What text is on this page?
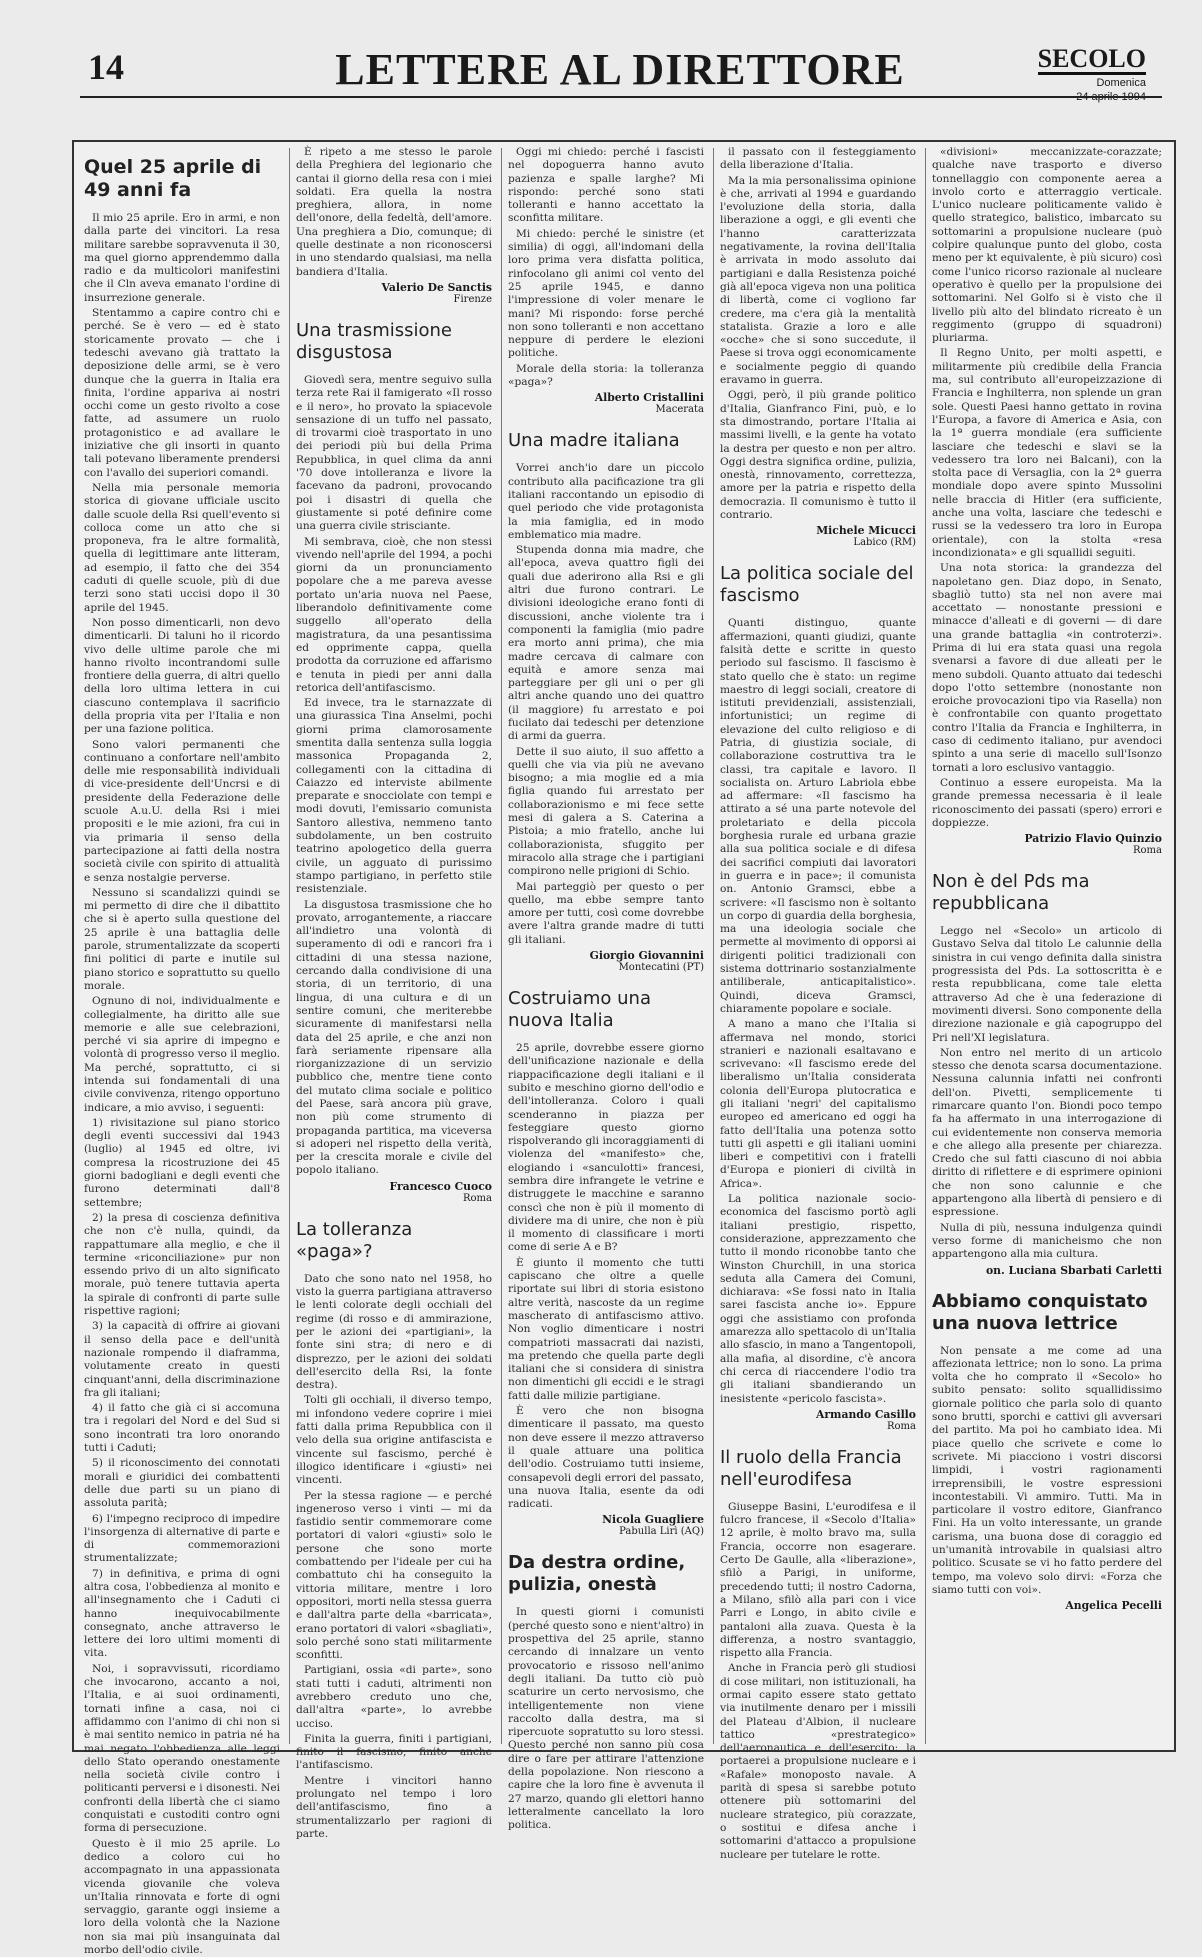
14	LETTERE AL DIRETTORE	SECOLO
Domenica
Quel 25 aprile di 49 anni fa

Il mio 25 aprile. Ero in armi, e non dalla parte dei vincitori. La resa militare sarebbe sopravvenuta il 30, ma quel giorno apprendemmo dalla radio e da multicolori manifestini che il Cln aveva emanato l'ordine di insurrezione generale.

Stentammo a capire contro chi e perché. Se è vero — ed è stato storicamente provato — che i tedeschi avevano già trattato la deposizione delle armi, se è vero dunque che la guerra in Italia era finita, l'ordine appariva ai nostri occhi come un gesto rivolto a cose fatte, ad assumere un ruolo protagonistico e ad avallare le iniziative che gli insorti in quanto tali potevano liberamente prendersi con l'avallo dei superiori comandi.

Nella mia personale memoria storica di giovane ufficiale uscito dalle scuole della Rsi quell'evento si colloca come un atto che si proponeva, fra le altre formalità, quella di legittimare ante litteram, ad esempio, il fatto che dei 354 caduti di quelle scuole, più di due terzi sono stati uccisi dopo il 30 aprile del 1945.

Non posso dimenticarli, non devo dimenticarli. Di taluni ho il ricordo vivo delle ultime parole che mi hanno rivolto incontrandomi sulle frontiere della guerra, di altri quello della loro ultima lettera in cui ciascuno contemplava il sacrificio della propria vita per l'Italia e non per una fazione politica.

Sono valori permanenti che continuano a confortare nell'ambito delle mie responsabilità individuali di vice-presidente dell'Uncrsi e di presidente della Federazione delle scuole A.u.U. della Rsi i miei propositi e le mie azioni, fra cui in via primaria il senso della partecipazione ai fatti della nostra società civile con spirito di attualità e senza nostalgie perverse.

Nessuno si scandalizzi quindi se mi permetto di dire che il dibattito che si è aperto sulla questione del 25 aprile è una battaglia delle parole, strumentalizzate da scoperti fini politici di parte e inutile sul piano storico e soprattutto su quello morale.

Ognuno di noi, individualmente e collegialmente, ha diritto alle sue memorie e alle sue celebrazioni, perché vi sia aprire di impegno e volontà di progresso verso il meglio. Ma perché, soprattutto, ci si intenda sui fondamentali di una civile convivenza, ritengo opportuno indicare, a mio avviso, i seguenti:

1) rivisitazione sul piano storico degli eventi successivi dal 1943 (luglio) al 1945 ed oltre, ivi compresa la ricostruzione dei 45 giorni badogliani e degli eventi che furono determinati dall'8 settembre;

2) la presa di coscienza definitiva che non c'è nulla, quindi, da rappattumare alla meglio, e che il termine «riconciliazione» pur non essendo privo di un alto significato morale, può tenere tuttavia aperta la spirale di confronti di parte sulle rispettive ragioni;

3) la capacità di offrire ai giovani il senso della pace e dell'unità nazionale rompendo il diaframma, volutamente creato in questi cinquant'anni, della discriminazione fra gli italiani;

4) il fatto che già ci si accomuna tra i regolari del Nord e del Sud si sono incontrati tra loro onorando tutti i Caduti;

5) il riconoscimento dei connotati morali e giuridici dei combattenti delle due parti su un piano di assoluta parità;

6) l'impegno reciproco di impedire l'insorgenza di alternative di parte e di commemorazioni strumentalizzate;

7) in definitiva, e prima di ogni altra cosa, l'obbedienza al monito e all'insegnamento che i Caduti ci hanno inequivocabilmente consegnato, anche attraverso le lettere dei loro ultimi momenti di vita.

Noi, i sopravvissuti, ricordiamo che invocarono, accanto a noi, l'Italia, e ai suoi ordinamenti, tornati infine a casa, noi ci affidammo con l'animo di chi non si è mai sentito nemico in patria né ha mai negato l'obbedienza alle leggi dello Stato operando onestamente nella società civile contro i politicanti perversi e i disonesti. Nei confronti della libertà che ci siamo conquistati e custoditi contro ogni forma di persecuzione.

Questo è il mio 25 aprile. Lo dedico a coloro cui ho accompagnato in una appassionata vicenda giovanile che voleva un'Italia rinnovata e forte di ogni servaggio, garante oggi insieme a loro della volontà che la Nazione non sia mai più insanguinata dal morbo dell'odio civile.

È ripeto a me stesso le parole della Preghiera del legionario che cantai il giorno della resa con i miei soldati. Era quella la nostra preghiera, allora, in nome dell'onore, della fedeltà, dell'amore. Una preghiera a Dio, comunque; di quelle destinate a non riconoscersi in uno stendardo qualsiasi, ma nella bandiera d'Italia.

Valerio De Sanctis
Firenze
Una trasmissione disgustosa

Giovedì sera, mentre seguivo sulla terza rete Rai il famigerato «Il rosso e il nero», ho provato la spiacevole sensazione di un tuffo nel passato, di trovarmi cioè trasportato in uno dei periodi più bui della Prima Repubblica, in quel clima da anni '70 dove intolleranza e livore la facevano da padroni, provocando poi i disastri di quella che giustamente si poté definire come una guerra civile strisciante.

Mi sembrava, cioè, che non stessi vivendo nell'aprile del 1994, a pochi giorni da un pronunciamento popolare che a me pareva avesse portato un'aria nuova nel Paese, liberandolo definitivamente come suggello all'operato della magistratura, da una pesantissima ed opprimente cappa, quella prodotta da corruzione ed affarismo e tenuta in piedi per anni dalla retorica dell'antifascismo.

Ed invece, tra le starnazzate di una giurassica Tina Anselmi, pochi giorni prima clamorosamente smentita dalla sentenza sulla loggia massonica Propaganda 2, collegamenti con la cittadina di Caiazzo ed interviste abilmente preparate e snocciolate con tempi e modi dovuti, l'emissario comunista Santoro allestiva, nemmeno tanto subdolamente, un ben costruito teatrino apologetico della guerra civile, un agguato di purissimo stampo partigiano, in perfetto stile resistenziale.

La disgustosa trasmissione che ho provato, arrogantemente, a riaccare all'indietro una volontà di superamento di odi e rancori fra i cittadini di una stessa nazione, cercando dalla condivisione di una storia, di un territorio, di una lingua, di una cultura e di un sentire comuni, che meriterebbe sicuramente di manifestarsi nella data del 25 aprile, e che anzi non farà seriamente ripensare alla riorganizzazione di un servizio pubblico che, mentre tiene conto del mutato clima sociale e politico del Paese, sarà ancora più grave, non più come strumento di propaganda partitica, ma viceversa si adoperi nel rispetto della verità, per la crescita morale e civile del popolo italiano.

Francesco Cuoco
Roma
La tolleranza «paga»?

Dato che sono nato nel 1958, ho visto la guerra partigiana attraverso le lenti colorate degli occhiali del regime (di rosso e di ammirazione, per le azioni dei «partigiani», la fonte sini stra; di nero e di disprezzo, per le azioni dei soldati dell'esercito della Rsi, la fonte destra).

Tolti gli occhiali, il diverso tempo, mi infondono vedere coprire i miei fatti dalla prima Repubblica con il velo della sua origine antifascista e vincente sul fascismo, perché è illogico identificare i «giusti» nei vincenti.

Per la stessa ragione — e perché ingeneroso verso i vinti — mi da fastidio sentir commemorare come portatori di valori «giusti» solo le persone che sono morte combattendo per l'ideale per cui ha combattuto chi ha conseguito la vittoria militare, mentre i loro oppositori, morti nella stessa guerra e dall'altra parte della «barricata», erano portatori di valori «sbagliati», solo perché sono stati militarmente sconfitti.

Partigiani, ossia «di parte», sono stati tutti i caduti, altrimenti non avrebbero creduto uno che, dall'altra «parte», lo avrebbe ucciso.

Finita la guerra, finiti i partigiani, finito il fascismo, finito anche l'antifascismo.

Mentre i vincitori hanno prolungato nel tempo i loro dell'antifascismo, fino a strumentalizzarlo per ragioni di parte.

Oggi mi chiedo: perché i fascisti nel dopoguerra hanno avuto pazienza e spalle larghe? Mi rispondo: perché sono stati tolleranti e hanno accettato la sconfitta militare.

Mi chiedo: perché le sinistre (et similia) di oggi, all'indomani della loro prima vera disfatta politica, rinfocolano gli animi col vento del 25 aprile 1945, e danno l'impressione di voler menare le mani? Mi rispondo: forse perché non sono tolleranti e non accettano neppure di perdere le elezioni politiche.

Morale della storia: la tolleranza «paga»?

Alberto Cristallini
Macerata
Una madre italiana

Vorrei anch'io dare un piccolo contributo alla pacificazione tra gli italiani raccontando un episodio di quel periodo che vide protagonista la mia famiglia, ed in modo emblematico mia madre.

Stupenda donna mia madre, che all'epoca, aveva quattro figli dei quali due aderirono alla Rsi e gli altri due furono contrari. Le divisioni ideologiche erano fonti di discussioni, anche violente tra i componenti la famiglia (mio padre era morto anni prima), che mia madre cercava di calmare con equità e amore senza mai parteggiare per gli uni o per gli altri anche quando uno dei quattro (il maggiore) fu arrestato e poi fucilato dai tedeschi per detenzione di armi da guerra.

Dette il suo aiuto, il suo affetto a quelli che via via più ne avevano bisogno; a mia moglie ed a mia figlia quando fui arrestato per collaborazionismo e mi fece sette mesi di galera a S. Caterina a Pistoia; a mio fratello, anche lui collaborazionista, sfuggito per miracolo alla strage che i partigiani compirono nelle prigioni di Schio.

Mai parteggiò per questo o per quello, ma ebbe sempre tanto amore per tutti, così come dovrebbe avere l'altra grande madre di tutti gli italiani.

Giorgio Giovannini
Montecatini (PT)
Costruiamo una nuova Italia

25 aprile, dovrebbe essere giorno dell'unificazione nazionale e della riappacificazione degli italiani e il subito e meschino giorno dell'odio e dell'intolleranza. Coloro i quali scenderanno in piazza per festeggiare questo giorno rispolverando gli incoraggiamenti di violenza del «manifesto» che, elogiando i «sanculotti» francesi, sembra dire infrangete le vetrine e distruggete le macchine e saranno conscì che non è più il momento di dividere ma di unire, che non è più il momento di classificare i morti come di serie A e B?

È giunto il momento che tutti capiscano che oltre a quelle riportate sui libri di storia esistono altre verità, nascoste da un regime mascherato di antifascismo attivo. Non voglio dimenticare i nostri compatrioti massacrati dai nazisti, ma pretendo che quella parte degli italiani che si considera di sinistra non dimentichi gli eccidi e le stragi fatti dalle milizie partigiane.

È vero che non bisogna dimenticare il passato, ma questo non deve essere il mezzo attraverso il quale attuare una politica dell'odio. Costruiamo tutti insieme, consapevoli degli errori del passato, una nuova Italia, esente da odi radicati.

Nicola Guagliere
Pabulla Lirì (AQ)
Da destra ordine, pulizia, onestà

In questi giorni i comunisti (perché questo sono e nient'altro) in prospettiva del 25 aprile, stanno cercando di innalzare un vento provocatorio e rissoso nell'animo degli italiani. Da tutto ciò può scaturire un certo nervosismo, che intelligentemente non viene raccolto dalla destra, ma si ripercuote sopratutto su loro stessi. Questo perché non sanno più cosa dire o fare per attirare l'attenzione della popolazione. Non riescono a capire che la loro fine è avvenuta il 27 marzo, quando gli elettori hanno letteralmente cancellato la loro politica.

il passato con il festeggiamento della liberazione d'Italia.

Ma la mia personalissima opinione è che, arrivati al 1994 e guardando l'evoluzione della storia, dalla liberazione a oggi, e gli eventi che l'hanno caratterizzata negativamente, la rovina dell'Italia è arrivata in modo assoluto dai partigiani e dalla Resistenza poiché già all'epoca vigeva non una politica di libertà, come ci vogliono far credere, ma c'era già la mentalità statalista. Grazie a loro e alle «ocche» che si sono succedute, il Paese si trova oggi economicamente e socialmente peggio di quando eravamo in guerra.

Oggi, però, il più grande politico d'Italia, Gianfranco Fini, può, e lo sta dimostrando, portare l'Italia ai massimi livelli, e la gente ha votato la destra per questo e non per altro. Oggi destra significa ordine, pulizia, onestà, rinnovamento, correttezza, amore per la patria e rispetto della democrazia. Il comunismo è tutto il contrario.

Michele Micucci
Labico (RM)
La politica sociale del fascismo

Quanti distinguo, quante affermazioni, quanti giudizi, quante falsità dette e scritte in questo periodo sul fascismo. Il fascismo è stato quello che è stato: un regime maestro di leggi sociali, creatore di istituti previdenziali, assistenziali, infortunistici; un regime di elevazione del culto religioso e di Patria, di giustizia sociale, di collaborazione costruttiva tra le classi, tra capitale e lavoro. Il socialista on. Arturo Labriola ebbe ad affermare: «Il fascismo ha attirato a sé una parte notevole del proletariato e della piccola borghesia rurale ed urbana grazie alla sua politica sociale e di difesa dei sacrifici compiuti dai lavoratori in guerra e in pace»; il comunista on. Antonio Gramsci, ebbe a scrivere: «Il fascismo non è soltanto un corpo di guardia della borghesia, ma una ideologia sociale che permette al movimento di opporsi ai dirigenti politici tradizionali con sistema dottrinario sostanzialmente antiliberale, anticapitalistico». Quindi, diceva Gramsci, chiaramente popolare e sociale.

A mano a mano che l'Italia si affermava nel mondo, storici stranieri e nazionali esaltavano e scrivevano: «Il fascismo erede del liberalismo un'Italia considerata colonia dell'Europa plutocratica e gli italiani 'negri' del capitalismo europeo ed americano ed oggi ha fatto dell'Italia una potenza sotto tutti gli aspetti e gli italiani uomini liberi e competitivi con i fratelli d'Europa e pionieri di civiltà in Africa».

La politica nazionale socio-economica del fascismo portò agli italiani prestigio, rispetto, considerazione, apprezzamento che tutto il mondo riconobbe tanto che Winston Churchill, in una storica seduta alla Camera dei Comuni, dichiarava: «Se fossi nato in Italia sarei fascista anche io». Eppure oggi che assistiamo con profonda amarezza allo spettacolo di un'Italia allo sfascio, in mano a Tangentopoli, alla mafia, al disordine, c'è ancora chi cerca di riaccendere l'odio tra gli italiani sbandierando un inesistente «pericolo fascista».

Armando Casillo
Roma
Il ruolo della Francia nell'eurodifesa

Giuseppe Basini, L'eurodifesa e il fulcro francese, il «Secolo d'Italia» 12 aprile, è molto bravo ma, sulla Francia, occorre non esagerare. Certo De Gaulle, alla «liberazione», sfilò a Parigi, in uniforme, precedendo tutti; il nostro Cadorna, a Milano, sfilò alla pari con i vice Parri e Longo, in abito civile e pantaloni alla zuava. Questa è la differenza, a nostro svantaggio, rispetto alla Francia.

Anche in Francia però gli studiosi di cose militari, non istituzionali, ha ormai capito essere stato gettato via inutilmente denaro per i missili del Plateau d'Albion, il nucleare tattico «prestrategico» dell'aeronautica e dell'esercito: la portaerei a propulsione nucleare e i «Rafale» monoposto navale. A parità di spesa si sarebbe potuto ottenere più sottomarini del nucleare strategico, più corazzate, o sostitui e difesa anche i sottomarini d'attacco a propulsione nucleare per tutelare le rotte.

«divisioni» meccanizzate-corazzate; qualche nave trasporto e diverso tonnellaggio con componente aerea a involo corto e atterraggio verticale. L'unico nucleare politicamente valido è quello strategico, balistico, imbarcato su sottomarini a propulsione nucleare (può colpire qualunque punto del globo, costa meno per kt equivalente, è più sicuro) così come l'unico ricorso razionale al nucleare operativo è quello per la propulsione dei sottomarini. Nel Golfo si è visto che il livello più alto del blindato ricreato è un reggimento (gruppo di squadroni) pluriarma.

Il Regno Unito, per molti aspetti, e militarmente più credibile della Francia ma, sul contributo all'europeizzazione di Francia e Inghilterra, non splende un gran sole. Questi Paesi hanno gettato in rovina l'Europa, a favore di America e Asia, con la 1ª guerra mondiale (era sufficiente lasciare che tedeschi e slavi se la vedessero tra loro nei Balcani), con la stolta pace di Versaglia, con la 2ª guerra mondiale dopo avere spinto Mussolini nelle braccia di Hitler (era sufficiente, anche una volta, lasciare che tedeschi e russi se la vedessero tra loro in Europa orientale), con la stolta «resa incondizionata» e gli squallidi seguiti.

Una nota storica: la grandezza del napoletano gen. Diaz dopo, in Senato, sbagliò tutto) sta nel non avere mai accettato — nonostante pressioni e minacce d'alleati e di governi — di dare una grande battaglia «in controterzi». Prima di lui era stata quasi una regola svenarsi a favore di due alleati per le meno subdoli. Quanto attuato dai tedeschi dopo l'otto settembre (nonostante non eroiche provocazioni tipo via Rasella) non è confrontabile con quanto progettato contro l'Italia da Francia e Inghilterra, in caso di cedimento italiano, pur avendoci spinto a una serie di macello sull'Isonzo tornati a loro esclusivo vantaggio.

Continuo a essere europeista. Ma la grande premessa necessaria è il leale riconoscimento dei passati (spero) errori e doppiezze.

Patrizio Flavio Quinzio
Roma
Non è del Pds ma repubblicana

Leggo nel «Secolo» un articolo di Gustavo Selva dal titolo Le calunnie della sinistra in cui vengo definita dalla sinistra progressista del Pds. La sottoscritta è e resta repubblicana, come tale eletta attraverso Ad che è una federazione di movimenti diversi. Sono componente della direzione nazionale e già capogruppo del Pri nell'XI legislatura.

Non entro nel merito di un articolo stesso che denota scarsa documentazione. Nessuna calunnia infatti nei confronti dell'on. Pivetti, semplicemente ti rimarcare quanto l'on. Biondi poco tempo fa ha affermato in una interrogazione di cui evidentemente non conserva memoria e che allego alla presente per chiarezza. Credo che sul fatti ciascuno di noi abbia diritto di riflettere e di esprimere opinioni che non sono calunnie e che appartengono alla libertà di pensiero e di espressione.

Nulla di più, nessuna indulgenza quindi verso forme di manicheismo che non appartengono alla mia cultura.

on. Luciana Sbarbati Carletti
Abbiamo conquistato una nuova lettrice

Non pensate a me come ad una affezionata lettrice; non lo sono. La prima volta che ho comprato il «Secolo» ho subito pensato: solito squallidissimo giornale politico che parla solo di quanto sono brutti, sporchi e cattivi gli avversari del partito. Ma poi ho cambiato idea. Mi piace quello che scrivete e come lo scrivete. Mi piacciono i vostri discorsi limpidi, i vostri ragionamenti irreprensibili, le vostre espressioni incontestabili. Vi ammiro. Tutti. Ma in particolare il vostro editore, Gianfranco Fini. Ha un volto interessante, un grande carisma, una buona dose di coraggio ed un'umanità introvabile in qualsiasi altro politico. Scusate se vi ho fatto perdere del tempo, ma volevo solo dirvi: «Forza che siamo tutti con voi».

Angelica Pecelli
